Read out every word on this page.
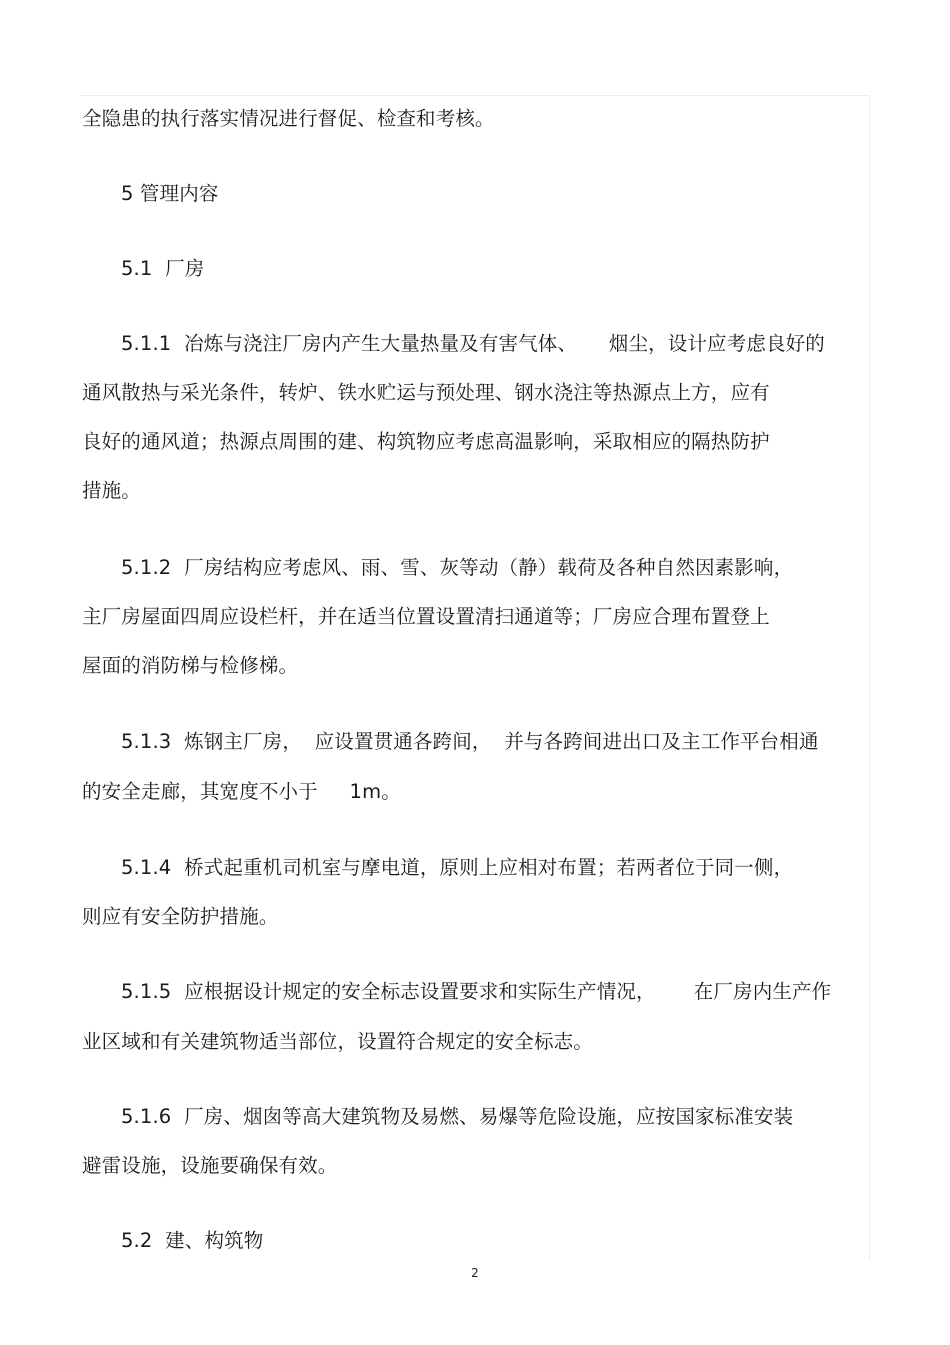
全隐患的执行落实情况进行督促、检查和考核。
5 管理内容
5.1  厂房
5.1.1  冶炼与浇注厂房内产生大量热量及有害气体、     烟尘，设计应考虑良好的
通风散热与采光条件，转炉、铁水贮运与预处理、钢水浇注等热源点上方，应有
良好的通风道；热源点周围的建、构筑物应考虑高温影响，采取相应的隔热防护
措施。
5.1.2  厂房结构应考虑风、雨、雪、灰等动（静）载荷及各种自然因素影响，
主厂房屋面四周应设栏杆，并在适当位置设置清扫通道等；厂房应合理布置登上
屋面的消防梯与检修梯。
5.1.3  炼钢主厂房，  应设置贯通各跨间，  并与各跨间进出口及主工作平台相通
的安全走廊，其宽度不小于     1m。
5.1.4  桥式起重机司机室与摩电道，原则上应相对布置；若两者位于同一侧，
则应有安全防护措施。
5.1.5  应根据设计规定的安全标志设置要求和实际生产情况，      在厂房内生产作
业区域和有关建筑物适当部位，设置符合规定的安全标志。
5.1.6  厂房、烟囱等高大建筑物及易燃、易爆等危险设施，应按国家标准安装
避雷设施，设施要确保有效。
5.2  建、构筑物
2
